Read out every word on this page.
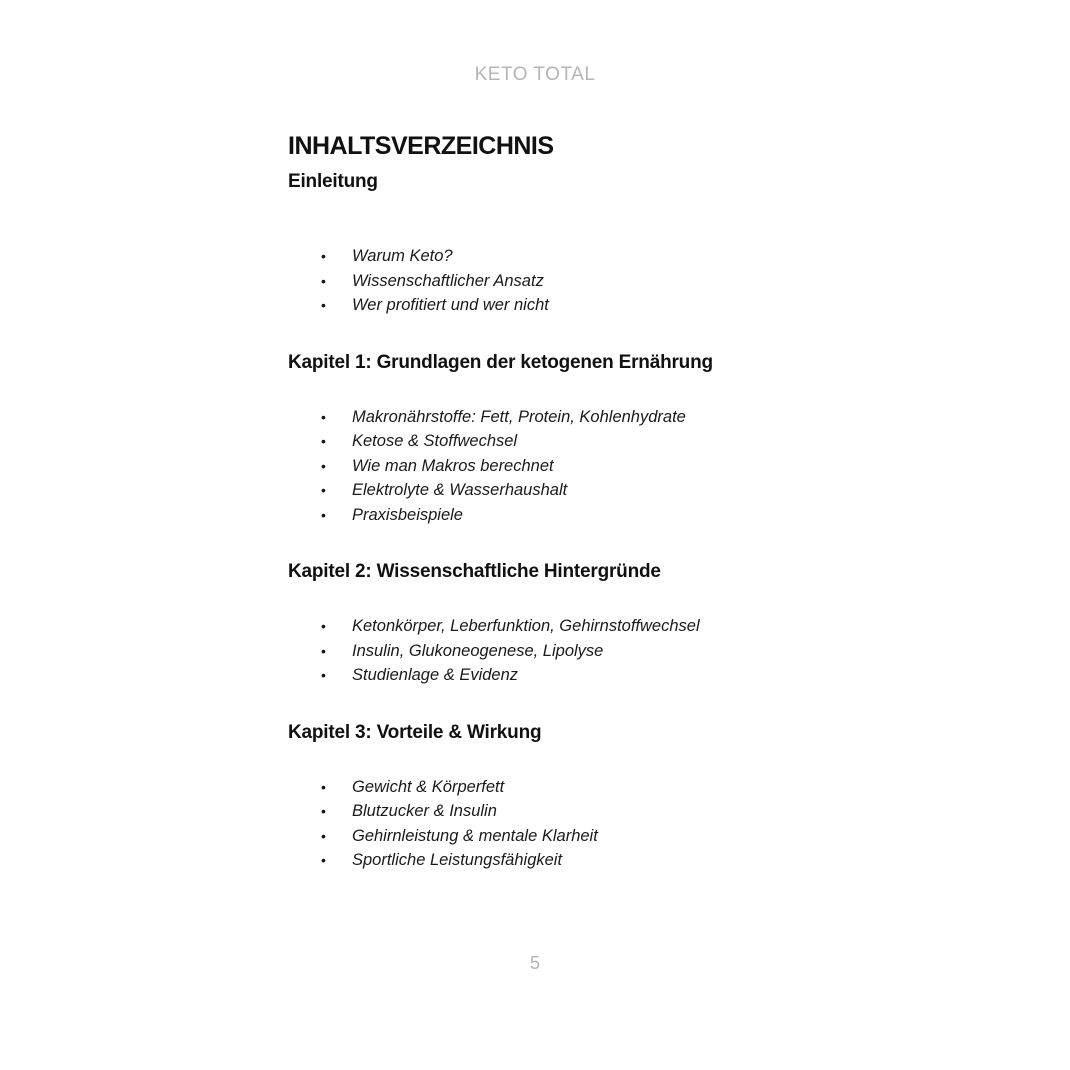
KETO TOTAL
INHALTSVERZEICHNIS
Einleitung
•	Warum Keto?
•	Wissenschaftlicher Ansatz
•	Wer profitiert und wer nicht
Kapitel 1: Grundlagen der ketogenen Ernährung
•	Makronährstoffe: Fett, Protein, Kohlenhydrate
•	Ketose & Stoffwechsel
•	Wie man Makros berechnet
•	Elektrolyte & Wasserhaushalt
•	Praxisbeispiele
Kapitel 2: Wissenschaftliche Hintergründe
•	Ketonkörper, Leberfunktion, Gehirnstoffwechsel
•	Insulin, Glukoneogenese, Lipolyse
•	Studienlage & Evidenz
Kapitel 3: Vorteile & Wirkung
•	Gewicht & Körperfett
•	Blutzucker & Insulin
•	Gehirnleistung & mentale Klarheit
•	Sportliche Leistungsfähigkeit
5
